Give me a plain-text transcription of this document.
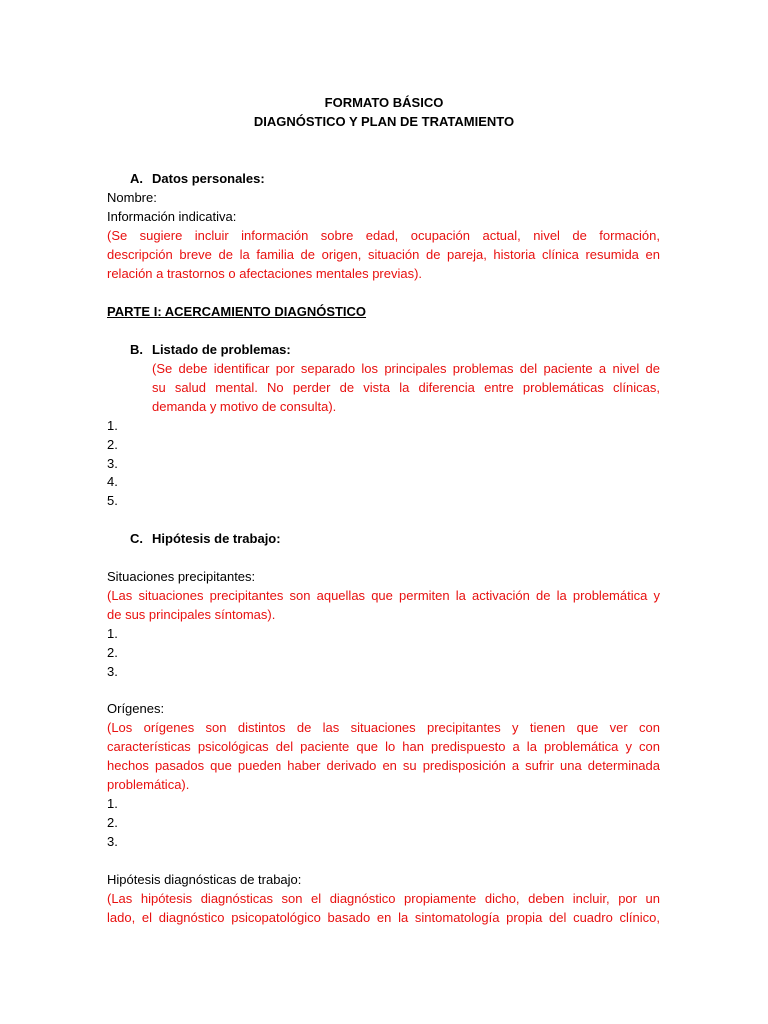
FORMATO BÁSICO
DIAGNÓSTICO Y PLAN DE TRATAMIENTO
A. Datos personales:
Nombre:
Información indicativa:
(Se sugiere incluir información sobre edad, ocupación actual, nivel de formación,
descripción breve de la familia de origen, situación de pareja, historia clínica resumida en
relación a trastornos o afectaciones mentales previas).
PARTE I: ACERCAMIENTO DIAGNÓSTICO
B. Listado de problemas:
(Se debe identificar por separado los principales problemas del paciente a nivel de
su salud mental. No perder de vista la diferencia entre problemáticas clínicas,
demanda y motivo de consulta).
1.
2.
3.
4.
5.
C. Hipótesis de trabajo:
Situaciones precipitantes:
(Las situaciones precipitantes son aquellas que permiten la activación de la problemática y
de sus principales síntomas).
1.
2.
3.
Orígenes:
(Los orígenes son distintos de las situaciones precipitantes y tienen que ver con
características psicológicas del paciente que lo han predispuesto a la problemática y con
hechos pasados que pueden haber derivado en su predisposición a sufrir una determinada
problemática).
1.
2.
3.
Hipótesis diagnósticas de trabajo:
(Las hipótesis diagnósticas son el diagnóstico propiamente dicho, deben incluir, por un
lado, el diagnóstico psicopatológico basado en la sintomatología propia del cuadro clínico,
